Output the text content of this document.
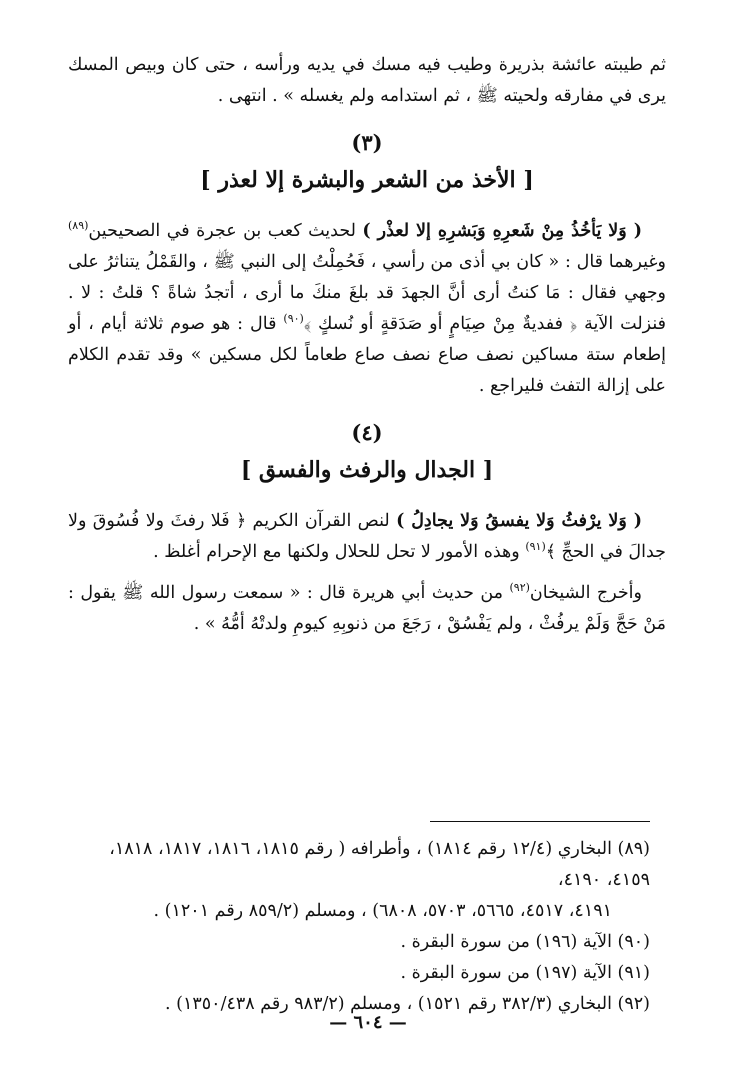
ثم طيبته عائشة بذريرة وطيب فيه مسك في يديه ورأسه ، حتى كان وبيص المسك يرى في مفارقه ولحيته ﷺ ، ثم استدامه ولم يغسله » . انتهى .

(٣)
[ الأخذ من الشعر والبشرة إلا لعذر ]

( وَلا يَأخُذُ مِنْ شَعرِهِ وَبَشرِهِ إلا لعذْر ) لحديث كعب بن عجرة في الصحيحين$^{(٨٩)}$ وغيرهما قال : « كان بي أذى من رأسي ، فَحُمِلْتُ إلى النبي ﷺ ، والقَمْلُ يتناثرُ على وجهي فقال : مَا كنتُ أرى أنَّ الجهدَ قد بلغَ منكَ ما أرى ، أتجدُ شاةً ؟ قلتُ : لا . فنزلت الآية ﴿ ففديةٌ مِنْ صِيَامٍ أو صَدَقةٍ أو نُسكٍ ﴾$^{(٩٠)}$ قال : هو صوم ثلاثة أيام ، أو إطعام ستة مساكين نصف صاع نصف صاع طعاماً لكل مسكين » وقد تقدم الكلام على إزالة التفث فليراجع .

(٤)
[ الجدال والرفث والفسق ]

( وَلا يرْفثُ وَلا يفسقُ وَلا يجادِلُ ) لنص القرآن الكريم ﴿ فَلا رفثَ ولا فُسُوقَ ولا جدالَ في الحجِّ ﴾$^{(٩١)}$ وهذه الأمور لا تحل للحلال ولكنها مع الإحرام أغلظ .

وأخرج الشيخان$^{(٩٢)}$ من حديث أبي هريرة قال : « سمعت رسول الله ﷺ يقول : مَنْ حَجَّ وَلَمْ يرفُثْ ، ولم يَفْسُقْ ، رَجَعَ من ذنوبِهِ كيومِ ولدتْهُ أمُّهُ » .

(٨٩)البخاري (١٢/٤ رقم ١٨١٤) ، وأطرافه ( رقم ١٨١٥، ١٨١٦، ١٨١٧، ١٨١٨، ٤١٥٩، ٤١٩٠،

٤١٩١، ٤٥١٧، ٥٦٦٥، ٥٧٠٣، ٦٨٠٨) ، ومسلم (٨٥٩/٢ رقم ١٢٠١) .

(٩٠)الآية (١٩٦) من سورة البقرة .

(٩١)الآية (١٩٧) من سورة البقرة .

(٩٢)البخاري (٣٨٢/٣ رقم ١٥٢١) ، ومسلم (٩٨٣/٢ رقم ١٣٥٠/٤٣٨) .

— ٦٠٤ —
